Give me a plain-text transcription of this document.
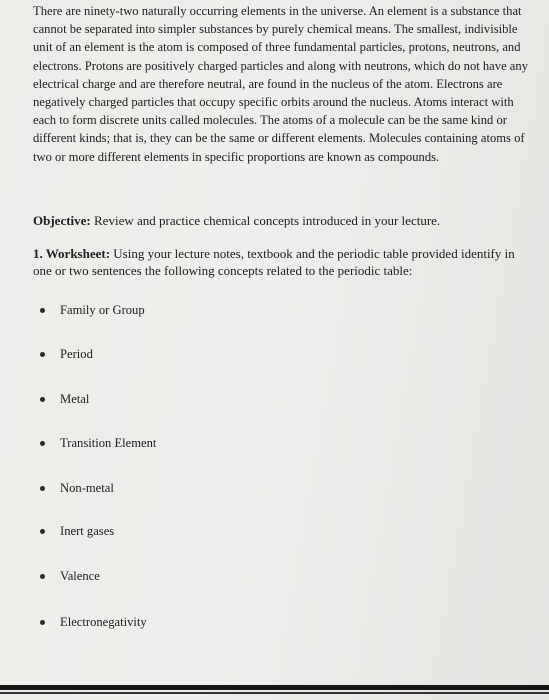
There are ninety-two naturally occurring elements in the universe. An element is a substance that cannot be separated into simpler substances by purely chemical means. The smallest, indivisible unit of an element is the atom is composed of three fundamental particles, protons, neutrons, and electrons. Protons are positively charged particles and along with neutrons, which do not have any electrical charge and are therefore neutral, are found in the nucleus of the atom. Electrons are negatively charged particles that occupy specific orbits around the nucleus. Atoms interact with each to form discrete units called molecules. The atoms of a molecule can be the same kind or different kinds; that is, they can be the same or different elements. Molecules containing atoms of two or more different elements in specific proportions are known as compounds.

Objective: Review and practice chemical concepts introduced in your lecture.

1. Worksheet: Using your lecture notes, textbook and the periodic table provided identify in one or two sentences the following concepts related to the periodic table:

Family or Group
Period
Metal
Transition Element
Non-metal
Inert gases
Valence
Electronegativity
